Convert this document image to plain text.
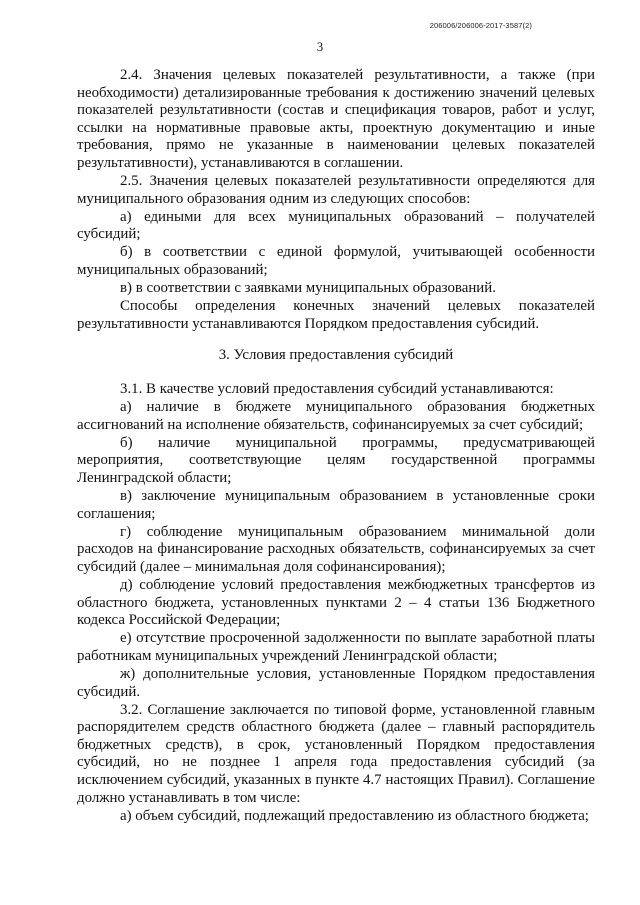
206006/206006-2017-3587(2)
3

2.4. Значения целевых показателей результативности, а также (при необходимости) детализированные требования к достижению значений целевых показателей результативности (состав и спецификация товаров, работ и услуг, ссылки на нормативные правовые акты, проектную документацию и иные требования, прямо не указанные в наименовании целевых показателей результативности), устанавливаются в соглашении.

2.5. Значения целевых показателей результативности определяются для муниципального образования одним из следующих способов:

а) едиными для всех муниципальных образований – получателей субсидий;

б) в соответствии с единой формулой, учитывающей особенности муниципальных образований;

в) в соответствии с заявками муниципальных образований.

Способы определения конечных значений целевых показателей результативности устанавливаются Порядком предоставления субсидий.

3. Условия предоставления субсидий

3.1. В качестве условий предоставления субсидий устанавливаются:

а) наличие в бюджете муниципального образования бюджетных ассигнований на исполнение обязательств, софинансируемых за счет субсидий;

б) наличие муниципальной программы, предусматривающей мероприятия, соответствующие целям государственной программы Ленинградской области;

в) заключение муниципальным образованием в установленные сроки соглашения;

г) соблюдение муниципальным образованием минимальной доли расходов на финансирование расходных обязательств, софинансируемых за счет субсидий (далее – минимальная доля софинансирования);

д) соблюдение условий предоставления межбюджетных трансфертов из областного бюджета, установленных пунктами 2 – 4 статьи 136 Бюджетного кодекса Российской Федерации;

е) отсутствие просроченной задолженности по выплате заработной платы работникам муниципальных учреждений Ленинградской области;

ж) дополнительные условия, установленные Порядком предоставления субсидий.

3.2. Соглашение заключается по типовой форме, установленной главным распорядителем средств областного бюджета (далее – главный распорядитель бюджетных средств), в срок, установленный Порядком предоставления субсидий, но не позднее 1 апреля года предоставления субсидий (за исключением субсидий, указанных в пункте 4.7 настоящих Правил). Соглашение должно устанавливать в том числе:

а) объем субсидий, подлежащий предоставлению из областного бюджета;
